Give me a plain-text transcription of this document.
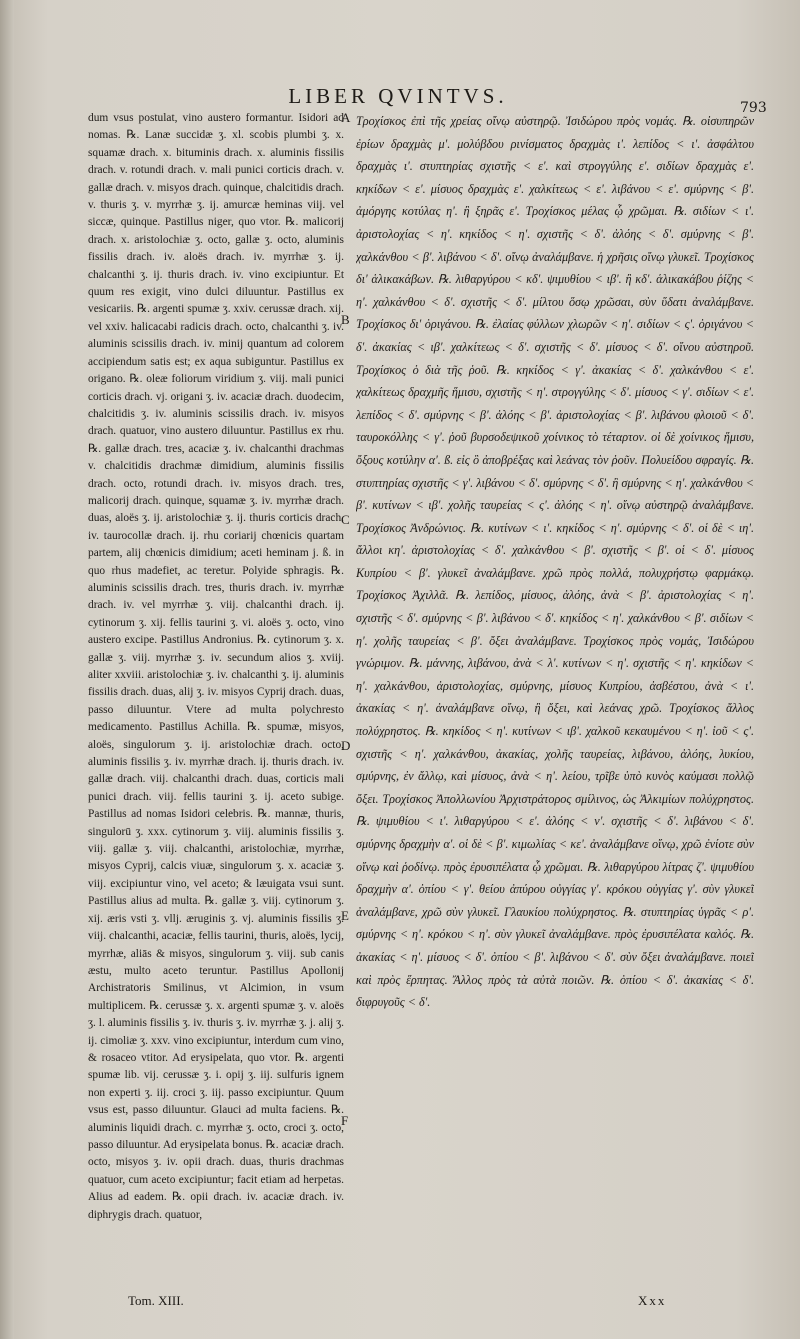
LIBER QVINTVS.	793

dum vsus postulat, vino austero formantur. Isidori ad nomas. ℞. Lanæ succidæ ʒ. xl. scobis plumbi ʒ. x. squamæ drach. x. bituminis drach. x. aluminis fissilis drach. v. rotundi drach. v. mali punici corticis drach. v. gallæ drach. v. misyos drach. quinque, chalcitidis drach. v. thuris ʒ. v. myrrhæ ʒ. ij. amurcæ heminas viij. vel siccæ, quinque. Pastillus niger, quo vtor. ℞. malicorij drach. x. aristolochiæ ʒ. octo, gallæ ʒ. octo, aluminis fissilis drach. iv. aloës drach. iv. myrrhæ ʒ. ij. chalcanthi ʒ. ij. thuris drach. iv. vino excipiuntur. Et quum res exigit, vino dulci diluuntur. Pastillus ex vesicariis. ℞. argenti spumæ ʒ. xxiv. cerussæ drach. xij. vel xxiv. halicacabi radicis drach. octo, chalcanthi ʒ. iv. aluminis scissilis drach. iv. minij quantum ad colorem accipiendum satis est; ex aqua subiguntur. Pastillus ex origano. ℞. oleæ foliorum viridium ʒ. viij. mali punici corticis drach. vj. origani ʒ. iv. acaciæ drach. duodecim, chalcitidis ʒ. iv. aluminis scissilis drach. iv. misyos drach. quatuor, vino austero diluuntur. Pastillus ex rhu. ℞. gallæ drach. tres, acaciæ ʒ. iv. chalcanthi drachmas v. chalcitidis drachmæ dimidium, aluminis fissilis drach. octo, rotundi drach. iv. misyos drach. tres, malicorij drach. quinque, squamæ ʒ. iv. myrrhæ drach. duas, aloës ʒ. ij. aristolochiæ ʒ. ij. thuris corticis drach. iv. taurocollæ drach. ij. rhu coriarij chœnicis quartam partem, alij chœnicis dimidium; aceti heminam j. ß. in quo rhus madefiet, ac teretur. Polyide sphragis. ℞. aluminis scissilis drach. tres, thuris drach. iv. myrrhæ drach. iv. vel myrrhæ ʒ. viij. chalcanthi drach. ij. cytinorum ʒ. xij. fellis taurini ʒ. vi. aloës ʒ. octo, vino austero excipe. Pastillus Andronius. ℞. cytinorum ʒ. x. gallæ ʒ. viij. myrrhæ ʒ. iv. secundum alios ʒ. xviij. aliter xxviii. aristolochiæ ʒ. iv. chalcanthi ʒ. ij. aluminis fissilis drach. duas, alij ʒ. iv. misyos Cyprij drach. duas, passo diluuntur. Vtere ad multa polychresto medicamento. Pastillus Achilla. ℞. spumæ, misyos, aloës, singulorum ʒ. ij. aristolochiæ drach. octo, aluminis fissilis ʒ. iv. myrrhæ drach. ij. thuris drach. iv. gallæ drach. viij. chalcanthi drach. duas, corticis mali punici drach. viij. fellis taurini ʒ. ij. aceto subige. Pastillus ad nomas Isidori celebris. ℞. mannæ, thuris, singulorū ʒ. xxx. cytinorum ʒ. viij. aluminis fissilis ʒ. viij. gallæ ʒ. viij. chalcanthi, aristolochiæ, myrrhæ, misyos Cyprij, calcis viuæ, singulorum ʒ. x. acaciæ ʒ. viij. excipiuntur vino, vel aceto; & læuigata vsui sunt. Pastillus alius ad multa. ℞. gallæ ʒ. viij. cytinorum ʒ. xij. æris vsti ʒ. vllj. æruginis ʒ. vj. aluminis fissilis ʒ. viij. chalcanthi, acaciæ, fellis taurini, thuris, aloës, lycij, myrrhæ, aliās & misyos, singulorum ʒ. viij. sub canis æstu, multo aceto teruntur. Pastillus Apollonij Archistratoris Smilinus, vt Alcimion, in vsum multiplicem. ℞. cerussæ ʒ. x. argenti spumæ ʒ. v. aloës ʒ. l. aluminis fissilis ʒ. iv. thuris ʒ. iv. myrrhæ ʒ. j. alij ʒ. ij. cimoliæ ʒ. xxv. vino excipiuntur, interdum cum vino, & rosaceo vtitor. Ad erysipelata, quo vtor. ℞. argenti spumæ lib. vij. cerussæ ʒ. i. opij ʒ. iij. sulfuris ignem non experti ʒ. iij. croci ʒ. iij. passo excipiuntur. Quum vsus est, passo diluuntur. Glauci ad multa faciens. ℞. aluminis liquidi drach. c. myrrhæ ʒ. octo, croci ʒ. octo, passo diluuntur. Ad erysipelata bonus. ℞. acaciæ drach. octo, misyos ʒ. iv. opii drach. duas, thuris drachmas quatuor, cum aceto excipiuntur; facit etiam ad herpetas. Alius ad eadem. ℞. opii drach. iv. acaciæ drach. iv. diphrygis drach. quatuor,

Τροχίσκος ἐπὶ τῆς χρείας οἴνῳ αὐστηρῷ. Ἰσιδώρου πρὸς νομάς. ℞. οἰσυπηρῶν ἐρίων δραχμὰς μ'. μολύβδου ρινίσματος δραχμὰς ι'. λεπίδος < ι'. ἀσφάλτου δραχμὰς ι'. στυπτηρίας σχιστῆς < ε'. καὶ στρογγύλης ε'. σιδίων δραχμὰς ε'. κηκίδων < ε'. μίσυος δραχμὰς ε'. χαλκίτεως < ε'. λιβάνου < ε'. σμύρνης < β'. ἀμόργης κοτύλας η'. ἢ ξηρᾶς ε'. Τροχίσκος μέλας ᾧ χρῶμαι. ℞. σιδίων < ι'. ἀριστολοχίας < η'. κηκίδος < η'. σχιστῆς < δ'. ἀλόης < δ'. σμύρνης < β'. χαλκάνθου < β'. λιβάνου < δ'. οἴνῳ ἀναλάμβανε. ἡ χρῆσις οἴνῳ γλυκεῖ. Τροχίσκος δι' ἁλικακάβων. ℞. λιθαργύρου < κδ'. ψιμυθίου < ιβ'. ἢ κδ'. ἁλικακάβου ῥίζης < η'. χαλκάνθου < δ'. σχιστῆς < δ'. μίλτου ὅσῳ χρῶσαι, σὺν ὕδατι ἀναλάμβανε. Τροχίσκος δι' ὀριγάνου. ℞. ἐλαίας φύλλων χλωρῶν < η'. σιδίων < ς'. ὀριγάνου < δ'. ἀκακίας < ιβ'. χαλκίτεως < δ'. σχιστῆς < δ'. μίσυος < δ'. οἴνου αὐστηροῦ. Τροχίσκος ὁ διὰ τῆς ῥοῦ. ℞. κηκίδος < γ'. ἀκακίας < δ'. χαλκάνθου < ε'. χαλκίτεως δραχμῆς ἥμισυ, σχιστῆς < η'. στρογγύλης < δ'. μίσυος < γ'. σιδίων < ε'. λεπίδος < δ'. σμύρνης < β'. ἀλόης < β'. ἀριστολοχίας < β'. λιβάνου φλοιοῦ < δ'. ταυροκόλλης < γ'. ῥοῦ βυρσοδεψικοῦ χοίνικος τὸ τέταρτον. οἱ δὲ χοίνικος ἥμισυ, ὄξους κοτύλην α'. ß. εἰς ὃ ἀποβρέξας καὶ λεάνας τὸν ῥοῦν. Πολυείδου σφραγίς. ℞. στυπτηρίας σχιστῆς < γ'. λιβάνου < δ'. σμύρνης < δ'. ἢ σμύρνης < η'. χαλκάνθου < β'. κυτίνων < ιβ'. χολῆς ταυρείας < ς'. ἀλόης < η'. οἴνῳ αὐστηρῷ ἀναλάμβανε. Τροχίσκος Ἀνδρώνιος. ℞. κυτίνων < ι'. κηκίδος < η'. σμύρνης < δ'. οἱ δὲ < ιη'. ἄλλοι κη'. ἀριστολοχίας < δ'. χαλκάνθου < β'. σχιστῆς < β'. οἱ < δ'. μίσυος Κυπρίου < β'. γλυκεῖ ἀναλάμβανε. χρῶ πρὸς πολλά, πολυχρήστῳ φαρμάκῳ. Τροχίσκος Ἀχιλλᾶ. ℞. λεπίδος, μίσυος, ἀλόης, ἀνὰ < β'. ἀριστολοχίας < η'. σχιστῆς < δ'. σμύρνης < β'. λιβάνου < δ'. κηκίδος < η'. χαλκάνθου < β'. σιδίων < η'. χολῆς ταυρείας < β'. ὄξει ἀναλάμβανε. Τροχίσκος πρὸς νομάς, Ἰσιδώρου γνώριμον. ℞. μάννης, λιβάνου, ἀνὰ < λ'. κυτίνων < η'. σχιστῆς < η'. κηκίδων < η'. χαλκάνθου, ἀριστολοχίας, σμύρνης, μίσυος Κυπρίου, ἀσβέστου, ἀνὰ < ι'. ἀκακίας < η'. ἀναλάμβανε οἴνῳ, ἢ ὄξει, καὶ λεάνας χρῶ. Τροχίσκος ἄλλος πολύχρηστος. ℞. κηκίδος < η'. κυτίνων < ιβ'. χαλκοῦ κεκαυμένου < η'. ἰοῦ < ς'. σχιστῆς < η'. χαλκάνθου, ἀκακίας, χολῆς ταυρείας, λιβάνου, ἀλόης, λυκίου, σμύρνης, ἐν ἄλλῳ, καὶ μίσυος, ἀνὰ < η'. λείου, τρῖβε ὑπὸ κυνὸς καύμασι πολλῷ ὄξει. Τροχίσκος Ἀπολλωνίου Ἀρχιστράτορος σμίλινος, ὡς Ἀλκιμίων πολύχρηστος. ℞. ψιμυθίου < ι'. λιθαργύρου < ε'. ἀλόης < ν'. σχιστῆς < δ'. λιβάνου < δ'. σμύρνης δραχμὴν α'. οἱ δὲ < β'. κιμωλίας < κε'. ἀναλάμβανε οἴνῳ, χρῶ ἐνίοτε σὺν οἴνῳ καὶ ῥοδίνῳ. πρὸς ἐρυσιπέλατα ᾧ χρῶμαι. ℞. λιθαργύρου λίτρας ζ'. ψιμυθίου δραχμὴν α'. ὀπίου < γ'. θείου ἀπύρου οὐγγίας γ'. κρόκου οὐγγίας γ'. σὺν γλυκεῖ ἀναλάμβανε, χρῶ σὺν γλυκεῖ. Γλαυκίου πολύχρηστος. ℞. στυπτηρίας ὑγρᾶς < ρ'. σμύρνης < η'. κρόκου < η'. σὺν γλυκεῖ ἀναλάμβανε. πρὸς ἐρυσιπέλατα καλός. ℞. ἀκακίας < η'. μίσυος < δ'. ὀπίου < β'. λιβάνου < δ'. σὺν ὄξει ἀναλάμβανε. ποιεῖ καὶ πρὸς ἕρπητας. Ἄλλος πρὸς τὰ αὐτὰ ποιῶν. ℞. ὀπίου < δ'. ἀκακίας < δ'. διφρυγοῦς < δ'.

A
B
C
D
E
F
Tom. XIII.	Xxx
